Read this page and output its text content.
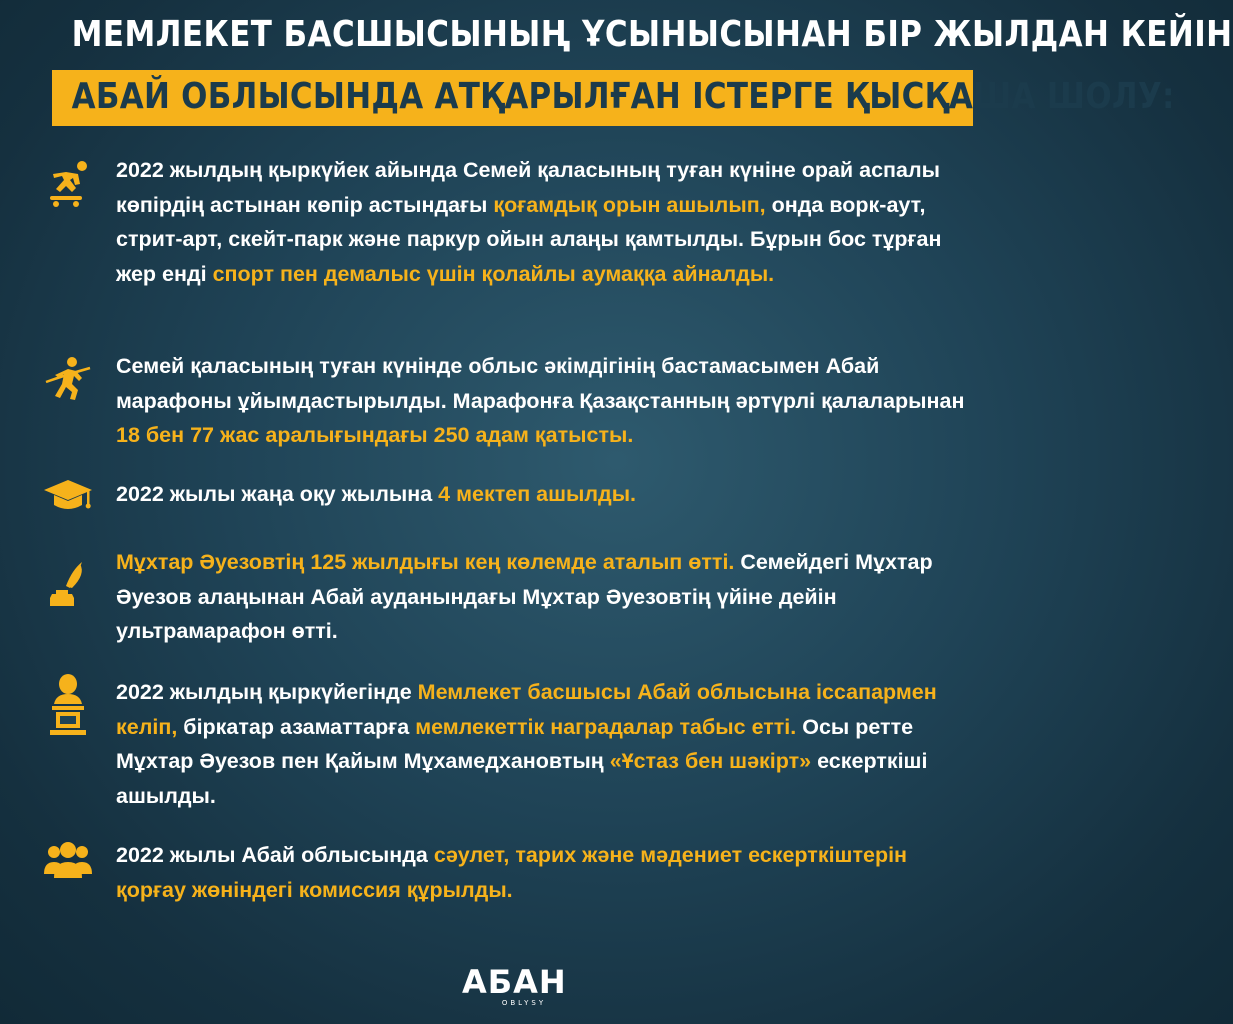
МЕМЛЕКЕТ БАСШЫСЫНЫҢ ҰСЫНЫСЫНАН БІР ЖЫЛДАН КЕЙІН
АБАЙ ОБЛЫСЫНДА АТҚАРЫЛҒАН ІСТЕРГЕ ҚЫСҚАША ШОЛУ:

2022 жылдың қыркүйек айында Семей қаласының туған күніне орай аспалы көпірдің астынан көпір астындағы қоғамдық орын ашылып, онда ворк-аут, стрит-арт, скейт-парк және паркур ойын алаңы қамтылды. Бұрын бос тұрған жер енді спорт пен демалыс үшін қолайлы аумаққа айналды.

Семей қаласының туған күнінде облыс әкімдігінің бастамасымен Абай марафоны ұйымдастырылды. Марафонға Қазақстанның әртүрлі қалаларынан 18 бен 77 жас аралығындағы 250 адам қатысты.

2022 жылы жаңа оқу жылына 4 мектеп ашылды.

Мұхтар Әуезовтің 125 жылдығы кең көлемде аталып өтті. Семейдегі Мұхтар Әуезов алаңынан Абай ауданындағы Мұхтар Әуезовтің үйіне дейін ультрамарафон өтті.

2022 жылдың қыркүйегінде Мемлекет басшысы Абай облысына іссапармен келіп, біркатар азаматтарға мемлекеттік наградалар табыс етті. Осы ретте Мұхтар Әуезов пен Қайым Мұхамедхановтың «Ұстаз бен шәкірт» ескерткіші ашылды.

2022 жылы Абай облысында сәулет, тарих және мәдениет ескерткіштерін қорғау жөніндегі комиссия құрылды.

AБAH
OBLYSY
